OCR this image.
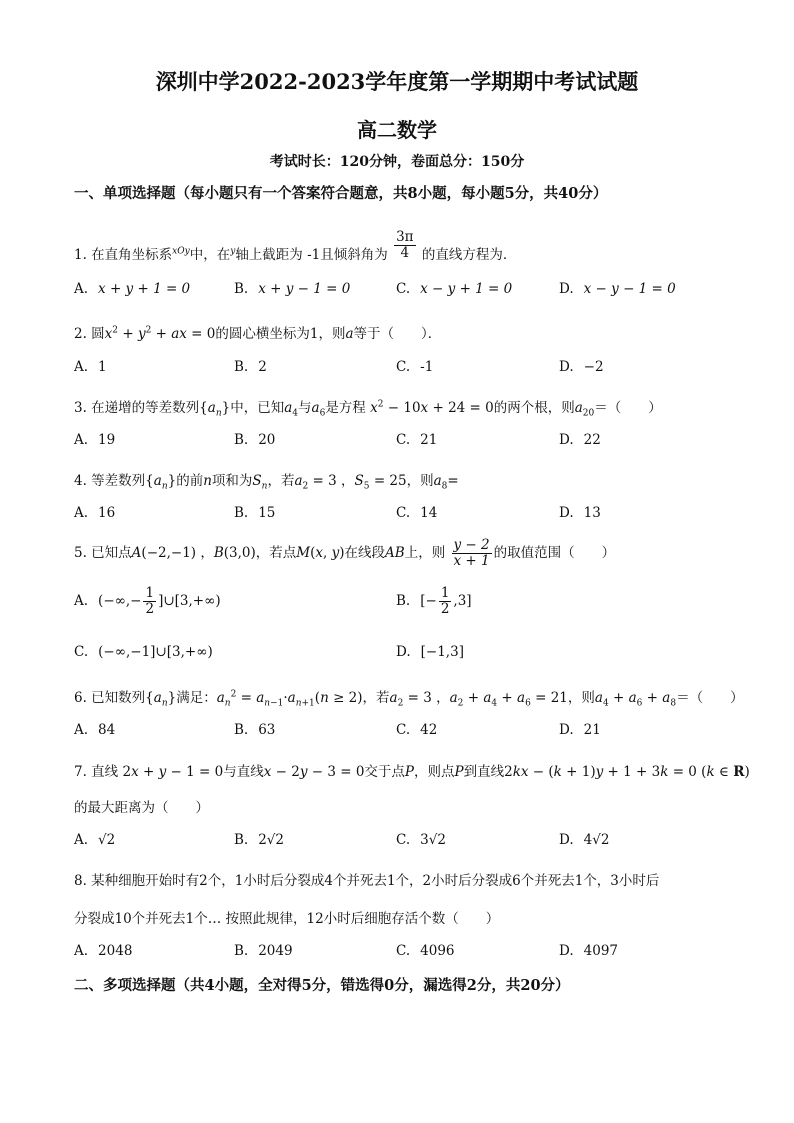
深圳中学2022-2023学年度第一学期期中考试试题
高二数学
考试时长：120分钟，卷面总分：150分
一、单项选择题（每小题只有一个答案符合题意，共8小题，每小题5分，共40分）
1. 在直角坐标系$^{xOy}$中，在$^y$轴上截距为 -1且倾斜角为 $\frac{3\pi}{4}$ 的直线方程为．
A. x + y + 1 = 0	B. x + y − 1 = 0	C. x − y + 1 = 0	D. x − y − 1 = 0
2. 圆$x^2 + y^2$ + ax = 0的圆心横坐标为1，则a等于（　　）．
A. 1	B. 2	C. -1	D. −2
3. 在递增的等差数列$\{a_n\}$中，已知$a_4$与$a_6$是方程 $x^2 - 10x + 24 = 0$的两个根，则$a_{20}=$（　　）
A. 19	B. 20	C. 21	D. 22
4. 等差数列$\{a_n\}$的前n项和为$S_n$，若$a_2 = 3$ ，$S_5 = 25$，则$a_8=$
A. 16	B. 15	C. 14	D. 13
5. 已知点A(−2,−1) ，B(3,0)，若点M(x, y)在线段AB上，则 $\frac{y - 2}{x + 1}$ 的取值范围（　　）
A. (−∞,− $\frac{1}{2}$ ]∪[3,+∞)	B. [− $\frac{1}{2} ,3$]
C. (−∞,−1]∪[3,+∞)	D. [−1,3]
6. 已知数列$\{a_n\}$满足：$a_n^2 = a_{n-1}\cdot a_{n+1}(n \ge 2)$，若$a_2 = 3$ ，$a_2 + a_4 + a_6 = 21$，则$a_4 + a_6 + a_8=$（　　）
A. 84	B. 63	C. 42	D. 21
7. 直线 2x + y − 1 = 0与直线x − 2y − 3 = 0交于点P，则点P到直线2kx − (k + 1)y + 1 + 3k = 0 (k ∈ R)
的最大距离为（　　）
A. √2	B. 2√2	C. 3√2	D. 4√2
8. 某种细胞开始时有2个，1小时后分裂成4个并死去1个，2小时后分裂成6个并死去1个，3小时后
分裂成10个并死去1个… 按照此规律，12小时后细胞存活个数（　　）
A. 2048	B. 2049	C. 4096	D. 4097
二、多项选择题（共4小题，全对得5分，错选得0分，漏选得2分，共20分）
